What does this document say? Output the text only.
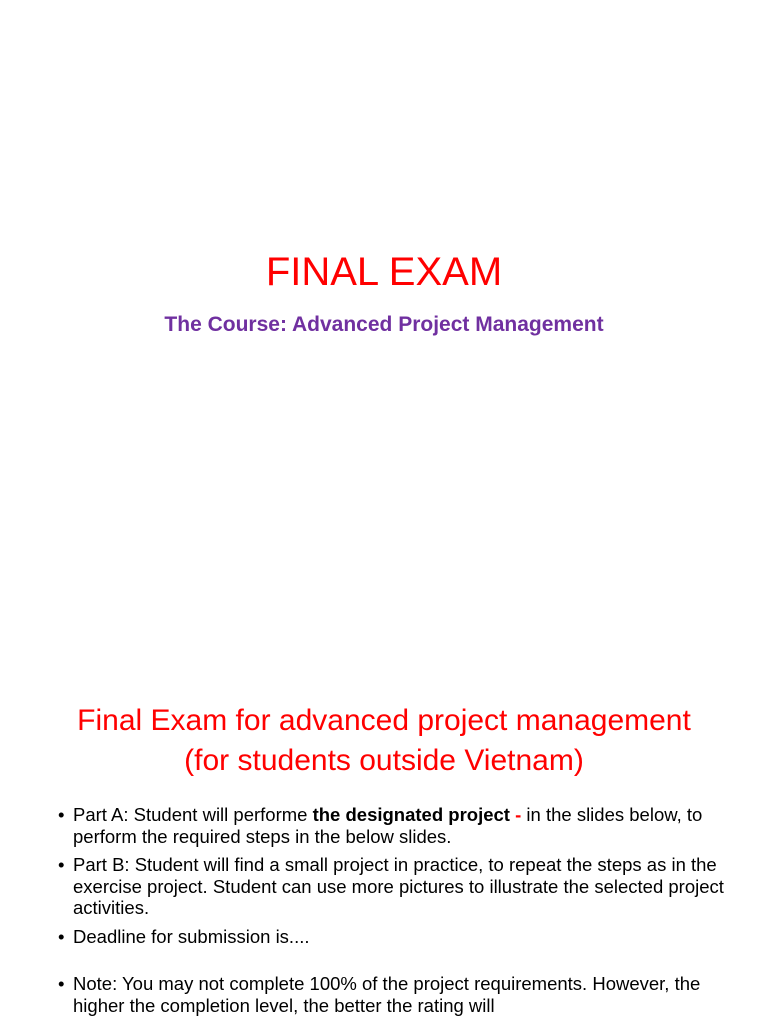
FINAL EXAM
The Course: Advanced Project Management
Final Exam for advanced project management
(for students outside Vietnam)
• Part A: Student will performe the designated project - in the slides below, to perform the required steps in the below slides.
• Part B: Student will find a small project in practice, to repeat the steps as in the exercise project. Student can use more pictures to illustrate the selected project activities.
• Deadline for submission is....
• Note: You may not complete 100% of the project requirements. However, the higher the completion level, the better the rating will
